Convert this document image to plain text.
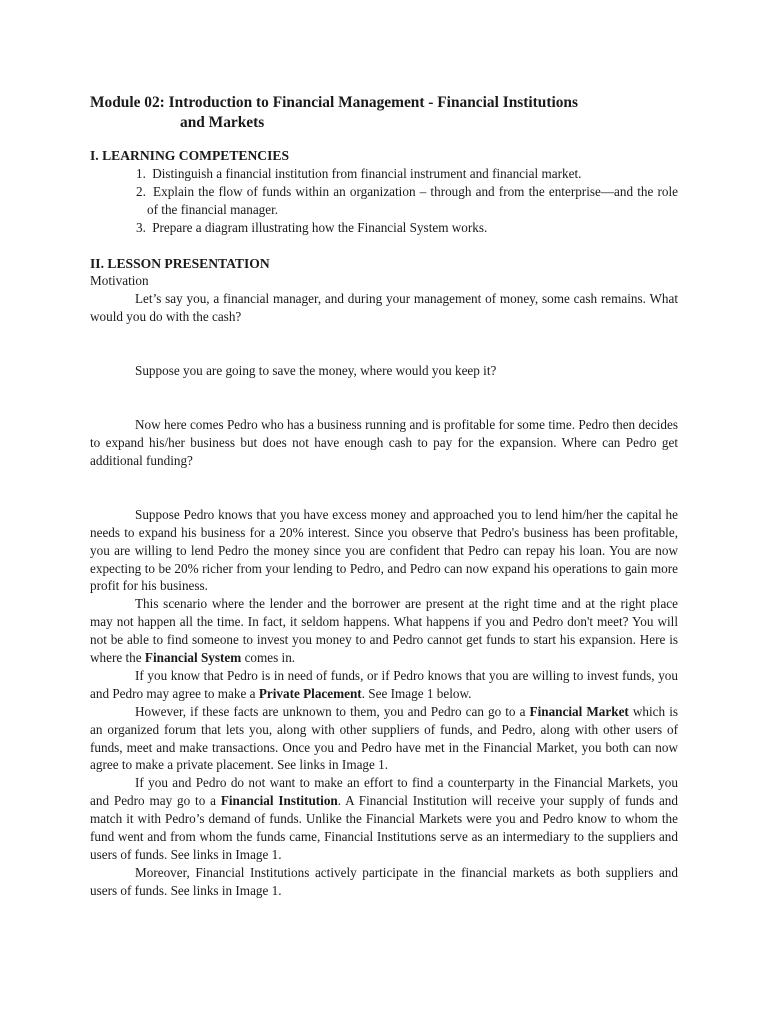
Module 02: Introduction to Financial Management - Financial Institutions
and Markets
I. LEARNING COMPETENCIES
1. Distinguish a financial institution from financial instrument and financial market.
2. Explain the flow of funds within an organization – through and from the enterprise—and the role of the financial manager.
3. Prepare a diagram illustrating how the Financial System works.
II. LESSON PRESENTATION
Motivation

Let’s say you, a financial manager, and during your management of money, some cash remains. What would you do with the cash?

Suppose you are going to save the money, where would you keep it?

Now here comes Pedro who has a business running and is profitable for some time. Pedro then decides to expand his/her business but does not have enough cash to pay for the expansion. Where can Pedro get additional funding?

Suppose Pedro knows that you have excess money and approached you to lend him/her the capital he needs to expand his business for a 20% interest. Since you observe that Pedro's business has been profitable, you are willing to lend Pedro the money since you are confident that Pedro can repay his loan. You are now expecting to be 20% richer from your lending to Pedro, and Pedro can now expand his operations to gain more profit for his business.

This scenario where the lender and the borrower are present at the right time and at the right place may not happen all the time. In fact, it seldom happens. What happens if you and Pedro don't meet? You will not be able to find someone to invest you money to and Pedro cannot get funds to start his expansion. Here is where the Financial System comes in.

If you know that Pedro is in need of funds, or if Pedro knows that you are willing to invest funds, you and Pedro may agree to make a Private Placement. See Image 1 below.

However, if these facts are unknown to them, you and Pedro can go to a Financial Market which is an organized forum that lets you, along with other suppliers of funds, and Pedro, along with other users of funds, meet and make transactions. Once you and Pedro have met in the Financial Market, you both can now agree to make a private placement. See links in Image 1.

If you and Pedro do not want to make an effort to find a counterparty in the Financial Markets, you and Pedro may go to a Financial Institution. A Financial Institution will receive your supply of funds and match it with Pedro’s demand of funds. Unlike the Financial Markets were you and Pedro know to whom the fund went and from whom the funds came, Financial Institutions serve as an intermediary to the suppliers and users of funds. See links in Image 1.

Moreover, Financial Institutions actively participate in the financial markets as both suppliers and users of funds. See links in Image 1.
